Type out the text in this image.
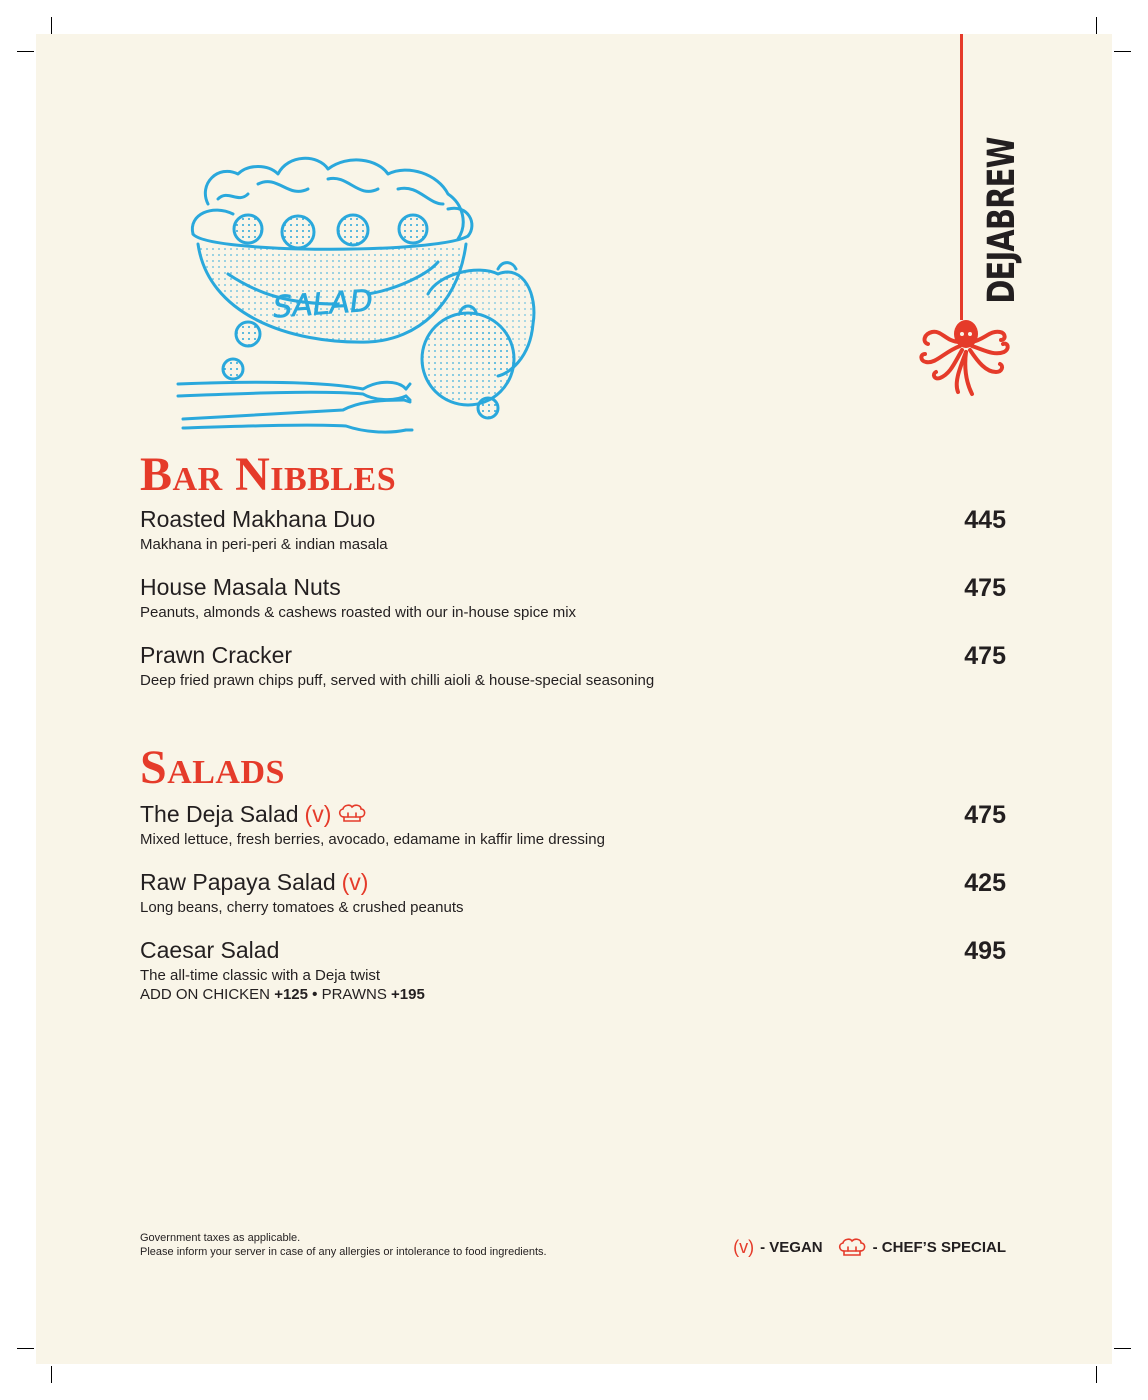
DEJABREW
SALAD
Bar Nibbles
Roasted Makhana Duo
Makhana in peri-peri & indian masala
445
House Masala Nuts
Peanuts, almonds & cashews roasted with our in-house spice mix
475
Prawn Cracker
Deep fried prawn chips puff, served with chilli aioli & house-special seasoning
475
Salads
The Deja Salad (v)
Mixed lettuce, fresh berries, avocado, edamame in kaffir lime dressing
475
Raw Papaya Salad (v)
Long beans, cherry tomatoes & crushed peanuts
425
Caesar Salad
The all-time classic with a Deja twist
ADD ON CHICKEN +125 • PRAWNS +195
495
Government taxes as applicable.
Please inform your server in case of any allergies or intolerance to food ingredients.	(v) - VEGAN	- CHEF’S SPECIAL
